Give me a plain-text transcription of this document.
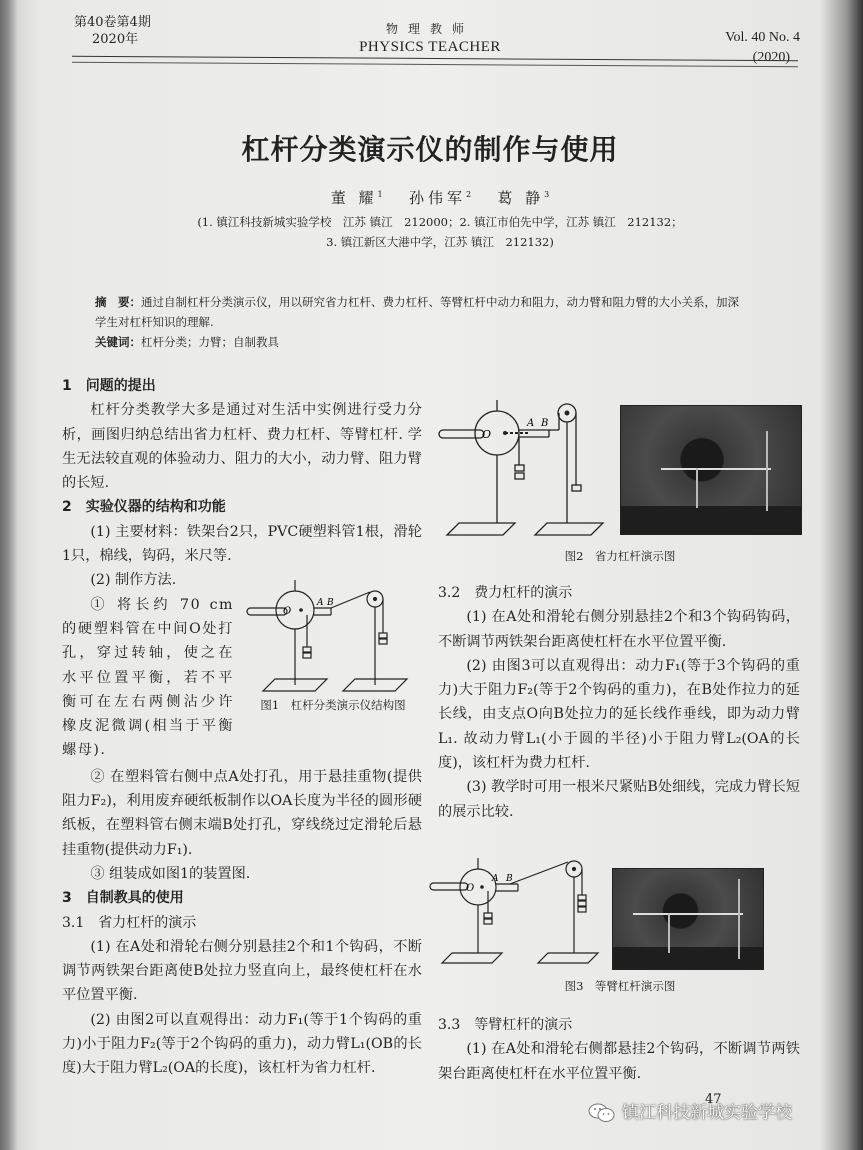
第40卷第4期
2020年
物理教师
PHYSICS TEACHER
Vol. 40 No. 4
(2020)
杠杆分类演示仪的制作与使用
董 耀$^1$ 孙伟军$^2$ 葛 静$^3$
(1. 镇江科技新城实验学校　江苏 镇江　212000；2. 镇江市伯先中学，江苏 镇江　212132；
3. 镇江新区大港中学，江苏 镇江　212132)
摘　要：通过自制杠杆分类演示仪，用以研究省力杠杆、费力杠杆、等臂杠杆中动力和阻力，动力臂和阻力臂的大小关系，加深学生对杠杆知识的理解.
关键词：杠杆分类；力臂；自制教具
1　问题的提出

杠杆分类教学大多是通过对生活中实例进行受力分析，画图归纳总结出省力杠杆、费力杠杆、等臂杠杆. 学生无法较直观的体验动力、阻力的大小，动力臂、阻力臂的长短.

2　实验仪器的结构和功能

(1) 主要材料：铁架台2只，PVC硬塑料管1根，滑轮1只，棉线，钩码，米尺等.

(2) 制作方法.

① 将长约 70 cm 的硬塑料管在中间O处打孔，穿过转轴，使之在水平位置平衡，若不平衡可在左右两侧沾少许橡皮泥微调(相当于平衡螺母).

② 在塑料管右侧中点A处打孔，用于悬挂重物(提供阻力F₂)，利用废弃硬纸板制作以OA长度为半径的圆形硬纸板，在塑料管右侧末端B处打孔，穿线绕过定滑轮后悬挂重物(提供动力F₁).

③ 组装成如图1的装置图.

3　自制教具的使用
3.1　省力杠杆的演示

(1) 在A处和滑轮右侧分别悬挂2个和1个钩码，不断调节两铁架台距离使B处拉力竖直向上，最终使杠杆在水平位置平衡.

(2) 由图2可以直观得出：动力F₁(等于1个钩码的重力)小于阻力F₂(等于2个钩码的重力)，动力臂L₁(OB的长度)大于阻力臂L₂(OA的长度)，该杠杆为省力杠杆.

O
A B
图1　杠杆分类演示仪结构图
O
A B
图2　省力杠杆演示图
3.2　费力杠杆的演示

(1) 在A处和滑轮右侧分别悬挂2个和3个钩码钩码，不断调节两铁架台距离使杠杆在水平位置平衡.

(2) 由图3可以直观得出：动力F₁(等于3个钩码的重力)大于阻力F₂(等于2个钩码的重力)，在B处作拉力的延长线，由支点O向B处拉力的延长线作垂线，即为动力臂L₁. 故动力臂L₁(小于圆的半径)小于阻力臂L₂(OA的长度)，该杠杆为费力杠杆.

(3) 教学时可用一根米尺紧贴B处细线，完成力臂长短的展示比较.

O
A B
图3　等臂杠杆演示图
3.3　等臂杠杆的演示

(1) 在A处和滑轮右侧都悬挂2个钩码，不断调节两铁架台距离使杠杆在水平位置平衡.

47
镇江科技新城实验学校
